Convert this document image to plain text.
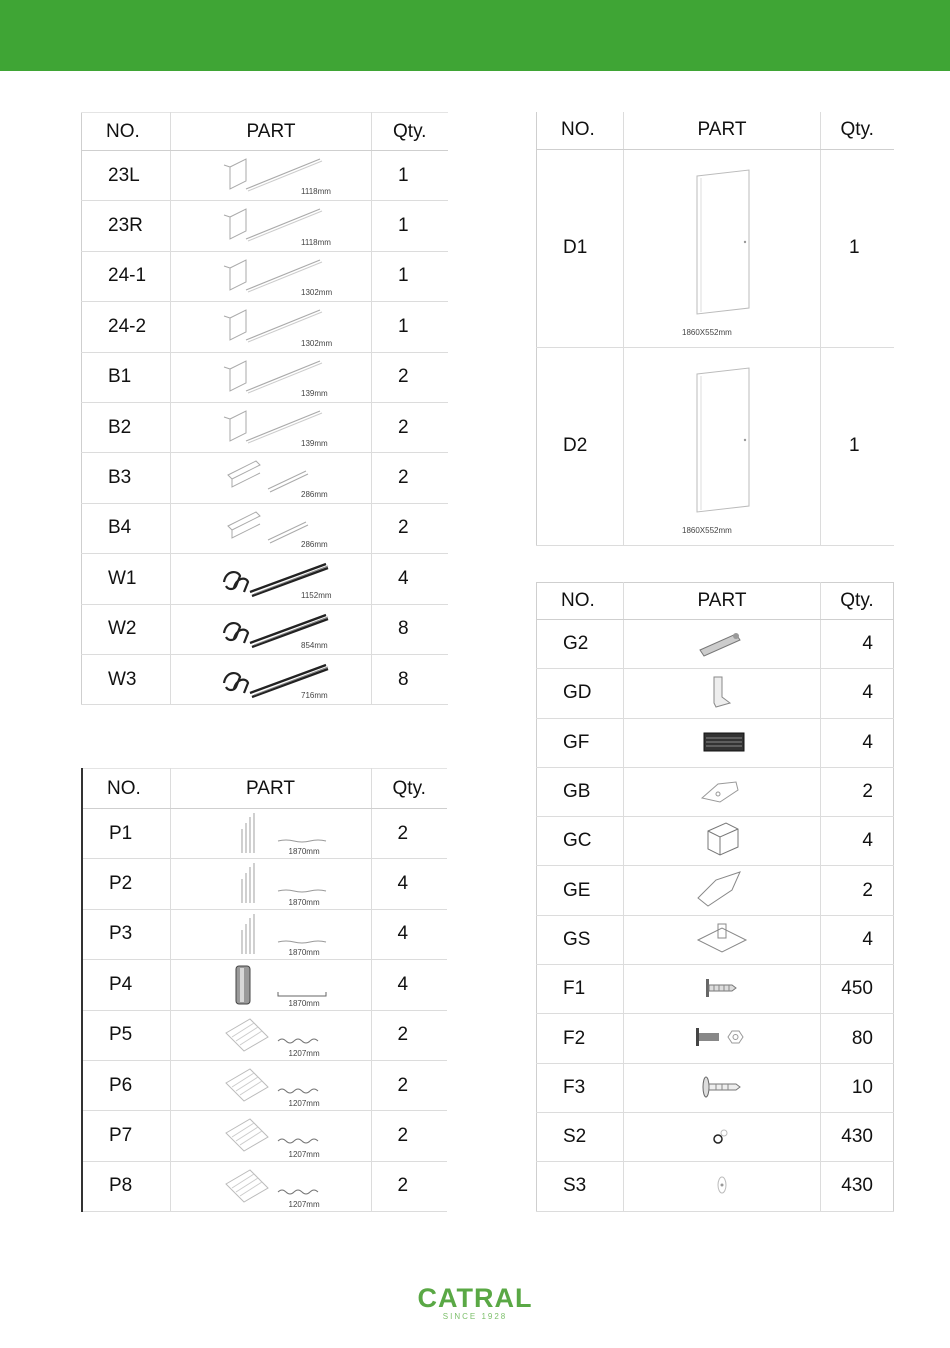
NO.	PART	Qty.
23L	1118mm	1
23R	1118mm	1
24-1	1302mm	1
24-2	1302mm	1
B1	139mm	2
B2	139mm	2
B3	286mm	2
B4	286mm	2
W1	1152mm	4
W2	854mm	8
W3	716mm	8
NO.	PART	Qty.
P1	1870mm	2
P2	1870mm	4
P3	1870mm	4
P4	1870mm	4
P5	1207mm	2
P6	1207mm	2
P7	1207mm	2
P8	1207mm	2
NO.	PART	Qty.
D1	1860X552mm	1
D2	1860X552mm	1
NO.	PART	Qty.
G2		4
GD		4
GF		4
GB		2
GC		4
GE		2
GS		4
F1		450
F2		80
F3		10
S2		430
S3		430
CATRAL
SINCE 1928
